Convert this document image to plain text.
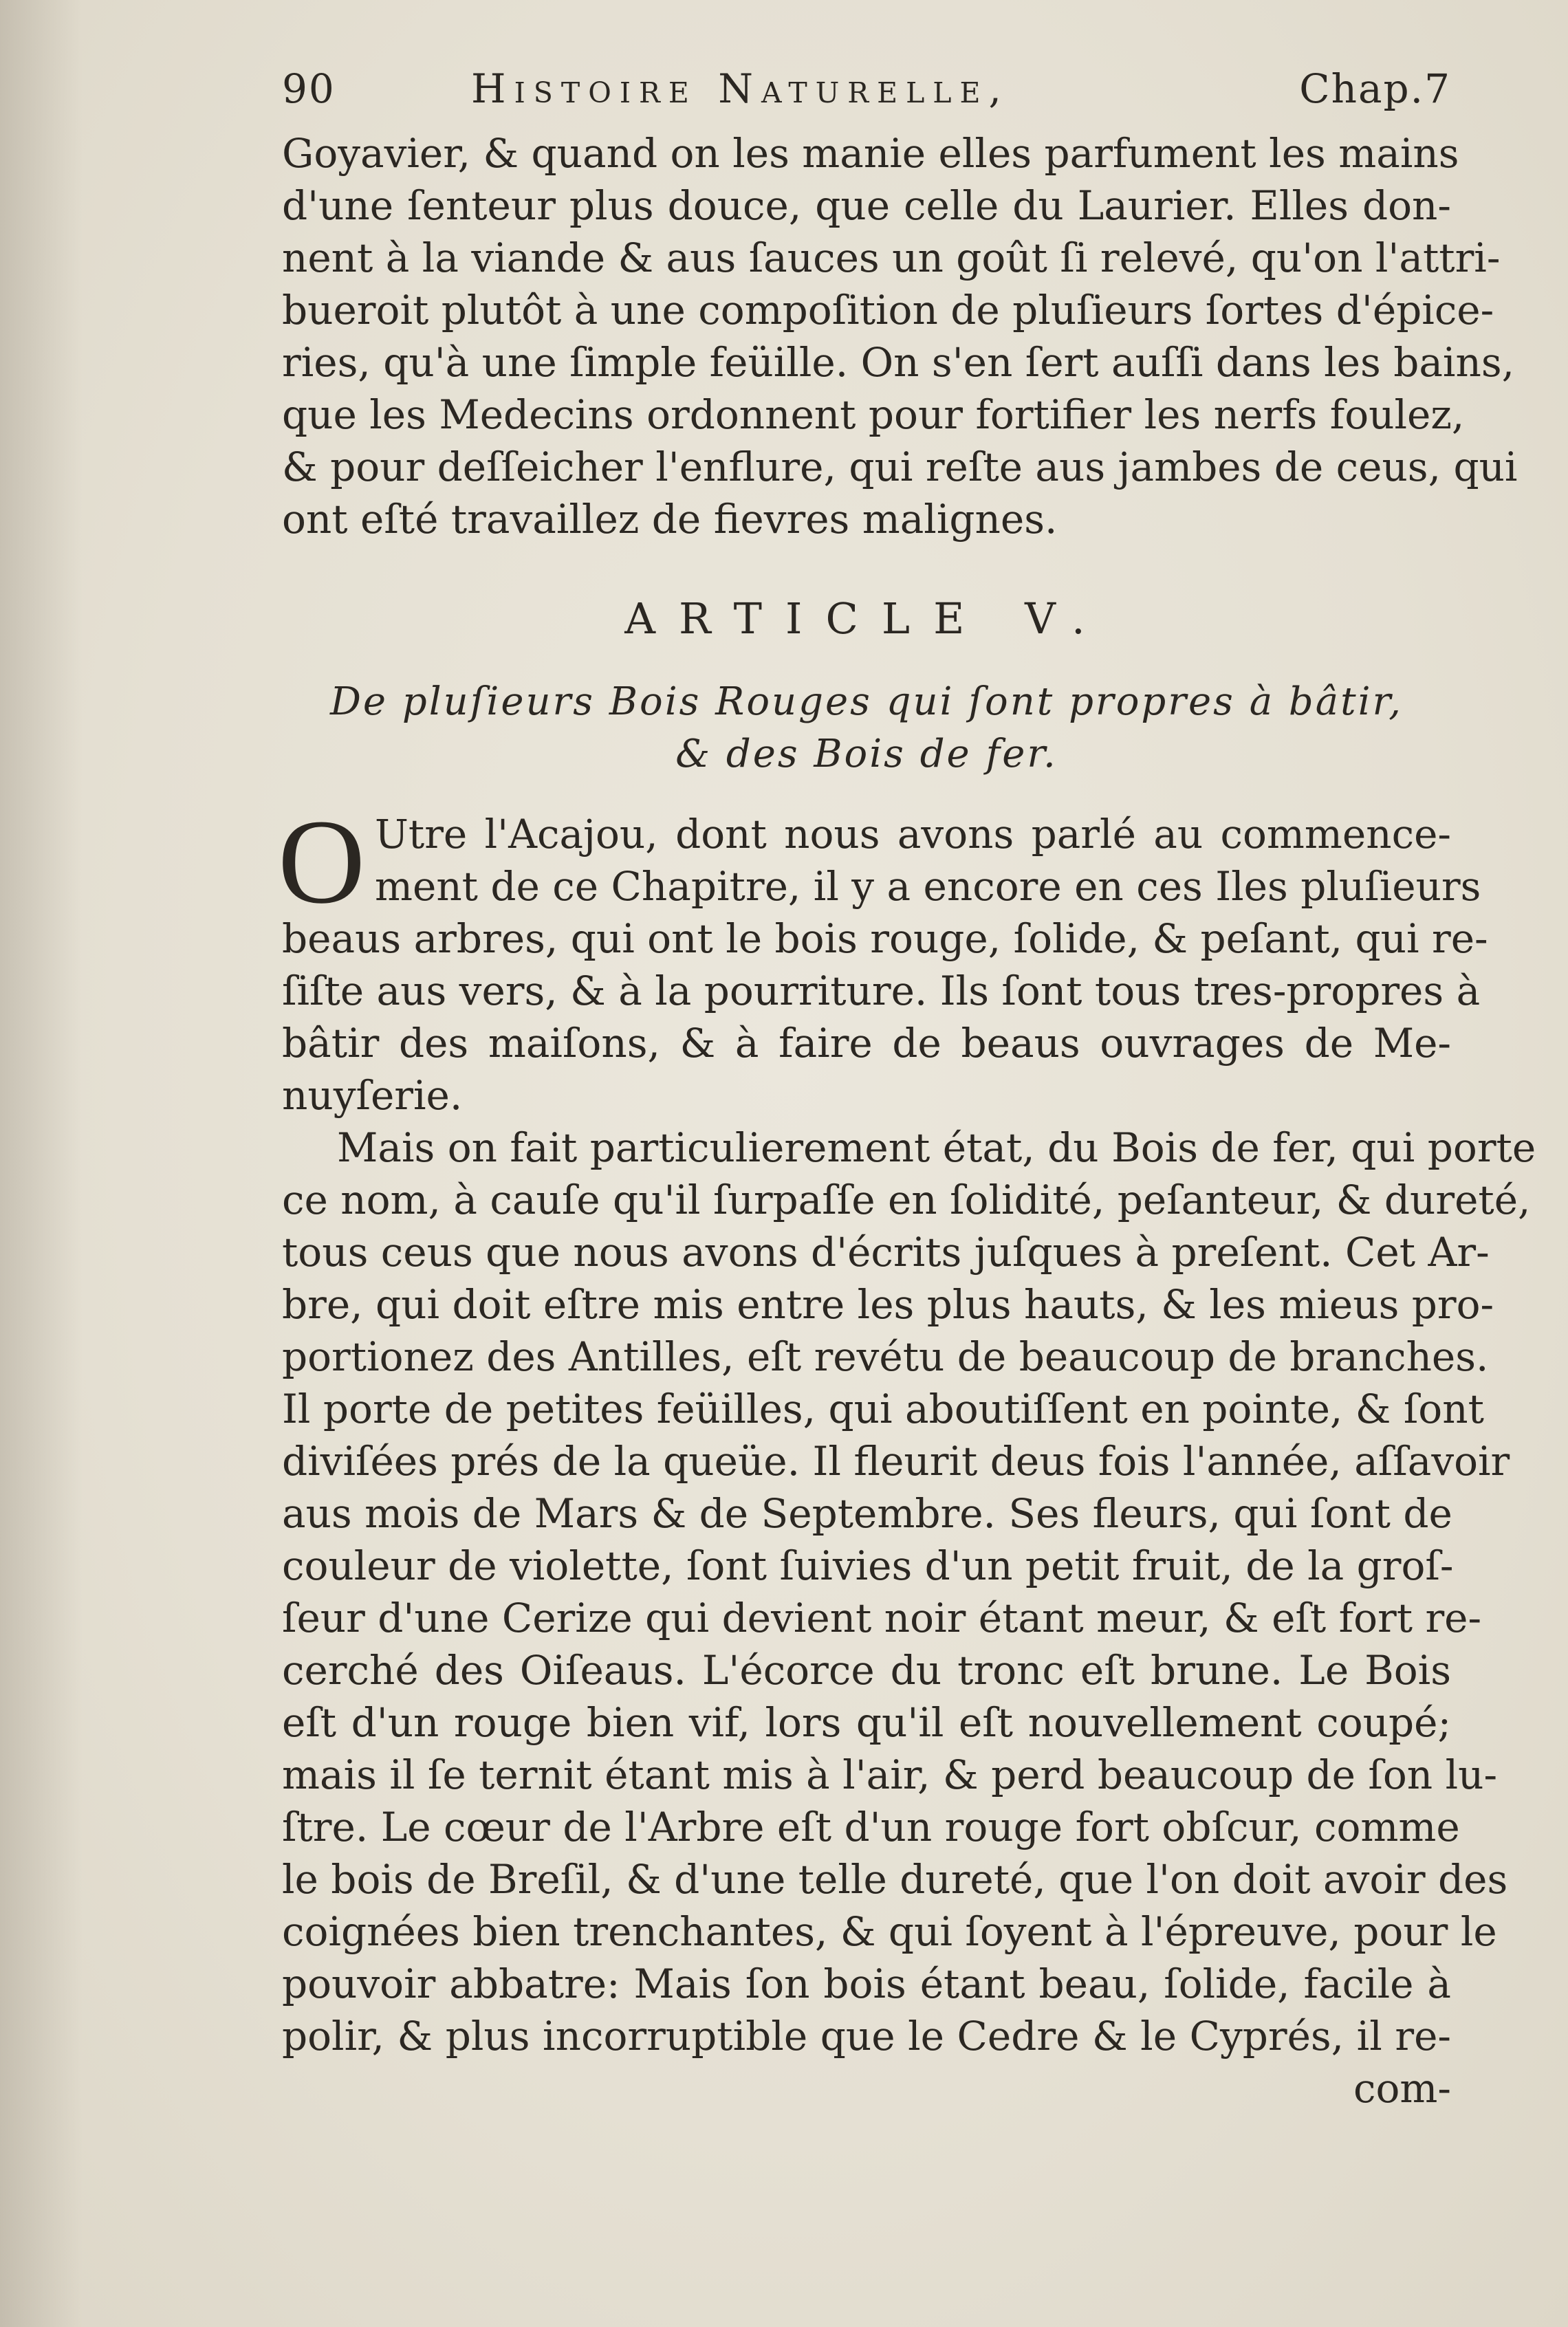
90	Histoire Naturelle,	Chap.7
Goyavier, & quand on les manie elles parfument les mains
d'une ſenteur plus douce, que celle du Laurier. Elles don-
nent à la viande & aus ſauces un goût ſi relevé, qu'on l'attri-
bueroit plutôt à une compoſition de pluſieurs ſortes d'épice-
ries, qu'à une ſimple feüille. On s'en ſert auſſi dans les bains,
que les Medecins ordonnent pour fortifier les nerfs foulez,
& pour deſſeicher l'enflure, qui reſte aus jambes de ceus, qui
ont eſté travaillez de fievres malignes.
ARTICLE V.
De pluſieurs Bois Rouges qui ſont propres à bâtir,
& des Bois de fer.
O Utre l'Acajou, dont nous avons parlé au commence-
ment de ce Chapitre, il y a encore en ces Iles pluſieurs
beaus arbres, qui ont le bois rouge, ſolide, & peſant, qui re-
ſiſte aus vers, & à la pourriture. Ils ſont tous tres-propres à
bâtir des maiſons, & à faire de beaus ouvrages de Me-
nuyſerie.
Mais on fait particulierement état, du Bois de fer, qui porte
ce nom, à cauſe qu'il ſurpaſſe en ſolidité, peſanteur, & dureté,
tous ceus que nous avons d'écrits juſques à preſent. Cet Ar-
bre, qui doit eſtre mis entre les plus hauts, & les mieus pro-
portionez des Antilles, eſt revétu de beaucoup de branches.
Il porte de petites feüilles, qui aboutiſſent en pointe, & ſont
diviſées prés de la queüe. Il fleurit deus fois l'année, aſſavoir
aus mois de Mars & de Septembre. Ses fleurs, qui ſont de
couleur de violette, ſont ſuivies d'un petit fruit, de la groſ-
ſeur d'une Cerize qui devient noir étant meur, & eſt fort re-
cerché des Oiſeaus. L'écorce du tronc eſt brune. Le Bois
eſt d'un rouge bien vif, lors qu'il eſt nouvellement coupé;
mais il ſe ternit étant mis à l'air, & perd beaucoup de ſon lu-
ſtre. Le cœur de l'Arbre eſt d'un rouge fort obſcur, comme
le bois de Breſil, & d'une telle dureté, que l'on doit avoir des
coignées bien trenchantes, & qui ſoyent à l'épreuve, pour le
pouvoir abbatre: Mais ſon bois étant beau, ſolide, facile à
polir, & plus incorruptible que le Cedre & le Cyprés, il re-
com-
